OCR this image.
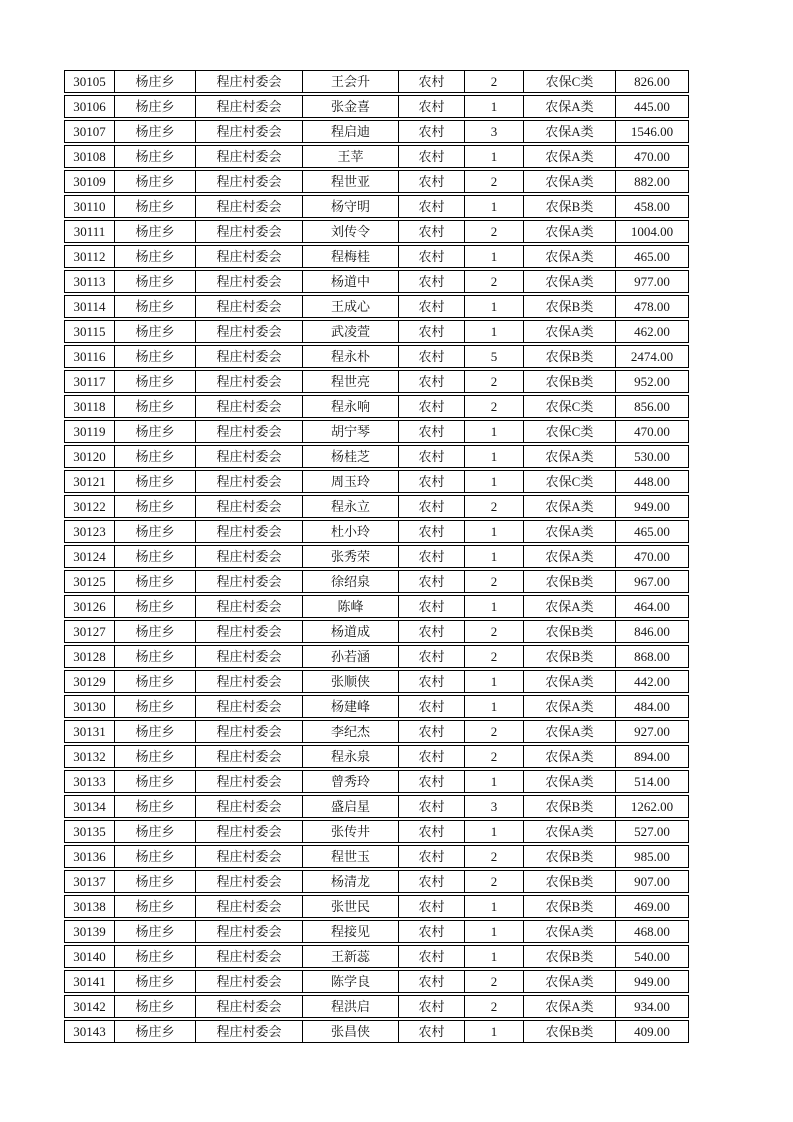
30105	杨庄乡	程庄村委会	王会升	农村	2	农保C类	826.00
30106	杨庄乡	程庄村委会	张金喜	农村	1	农保A类	445.00
30107	杨庄乡	程庄村委会	程启迪	农村	3	农保A类	1546.00
30108	杨庄乡	程庄村委会	王苹	农村	1	农保A类	470.00
30109	杨庄乡	程庄村委会	程世亚	农村	2	农保A类	882.00
30110	杨庄乡	程庄村委会	杨守明	农村	1	农保B类	458.00
30111	杨庄乡	程庄村委会	刘传令	农村	2	农保A类	1004.00
30112	杨庄乡	程庄村委会	程梅桂	农村	1	农保A类	465.00
30113	杨庄乡	程庄村委会	杨道中	农村	2	农保A类	977.00
30114	杨庄乡	程庄村委会	王成心	农村	1	农保B类	478.00
30115	杨庄乡	程庄村委会	武凌萱	农村	1	农保A类	462.00
30116	杨庄乡	程庄村委会	程永朴	农村	5	农保B类	2474.00
30117	杨庄乡	程庄村委会	程世亮	农村	2	农保B类	952.00
30118	杨庄乡	程庄村委会	程永响	农村	2	农保C类	856.00
30119	杨庄乡	程庄村委会	胡宁琴	农村	1	农保C类	470.00
30120	杨庄乡	程庄村委会	杨桂芝	农村	1	农保A类	530.00
30121	杨庄乡	程庄村委会	周玉玲	农村	1	农保C类	448.00
30122	杨庄乡	程庄村委会	程永立	农村	2	农保A类	949.00
30123	杨庄乡	程庄村委会	杜小玲	农村	1	农保A类	465.00
30124	杨庄乡	程庄村委会	张秀荣	农村	1	农保A类	470.00
30125	杨庄乡	程庄村委会	徐绍泉	农村	2	农保B类	967.00
30126	杨庄乡	程庄村委会	陈峰	农村	1	农保A类	464.00
30127	杨庄乡	程庄村委会	杨道成	农村	2	农保B类	846.00
30128	杨庄乡	程庄村委会	孙若涵	农村	2	农保B类	868.00
30129	杨庄乡	程庄村委会	张顺侠	农村	1	农保A类	442.00
30130	杨庄乡	程庄村委会	杨建峰	农村	1	农保A类	484.00
30131	杨庄乡	程庄村委会	李纪杰	农村	2	农保A类	927.00
30132	杨庄乡	程庄村委会	程永泉	农村	2	农保A类	894.00
30133	杨庄乡	程庄村委会	曾秀玲	农村	1	农保A类	514.00
30134	杨庄乡	程庄村委会	盛启星	农村	3	农保B类	1262.00
30135	杨庄乡	程庄村委会	张传井	农村	1	农保A类	527.00
30136	杨庄乡	程庄村委会	程世玉	农村	2	农保B类	985.00
30137	杨庄乡	程庄村委会	杨清龙	农村	2	农保B类	907.00
30138	杨庄乡	程庄村委会	张世民	农村	1	农保B类	469.00
30139	杨庄乡	程庄村委会	程接见	农村	1	农保A类	468.00
30140	杨庄乡	程庄村委会	王新蕊	农村	1	农保B类	540.00
30141	杨庄乡	程庄村委会	陈学良	农村	2	农保A类	949.00
30142	杨庄乡	程庄村委会	程洪启	农村	2	农保A类	934.00
30143	杨庄乡	程庄村委会	张昌侠	农村	1	农保B类	409.00
